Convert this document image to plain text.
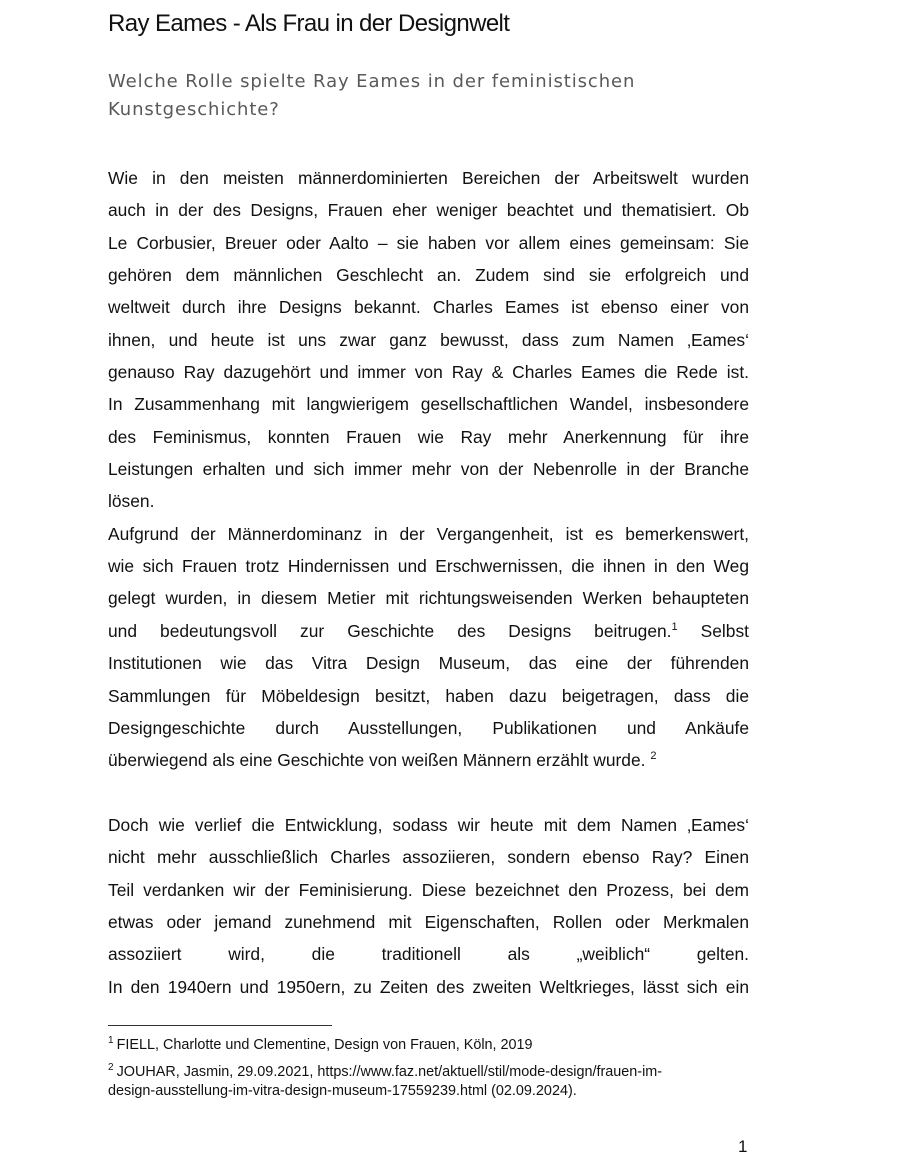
Ray Eames - Als Frau in der Designwelt
Welche Rolle spielte Ray Eames in der feministischen
Kunstgeschichte?
Wie in den meisten männerdominierten Bereichen der Arbeitswelt wurden
auch in der des Designs, Frauen eher weniger beachtet und thematisiert. Ob
Le Corbusier, Breuer oder Aalto – sie haben vor allem eines gemeinsam: Sie
gehören dem männlichen Geschlecht an. Zudem sind sie erfolgreich und
weltweit durch ihre Designs bekannt. Charles Eames ist ebenso einer von
ihnen, und heute ist uns zwar ganz bewusst, dass zum Namen ‚Eames‘
genauso Ray dazugehört und immer von Ray & Charles Eames die Rede ist.
In Zusammenhang mit langwierigem gesellschaftlichen Wandel, insbesondere
des Feminismus, konnten Frauen wie Ray mehr Anerkennung für ihre
Leistungen erhalten und sich immer mehr von der Nebenrolle in der Branche
lösen.
Aufgrund der Männerdominanz in der Vergangenheit, ist es bemerkenswert,
wie sich Frauen trotz Hindernissen und Erschwernissen, die ihnen in den Weg
gelegt wurden, in diesem Metier mit richtungsweisenden Werken behaupteten
und bedeutungsvoll zur Geschichte des Designs beitrugen.$^1$ Selbst
Institutionen wie das Vitra Design Museum, das eine der führenden
Sammlungen für Möbeldesign besitzt, haben dazu beigetragen, dass die
Designgeschichte durch Ausstellungen, Publikationen und Ankäufe
überwiegend als eine Geschichte von weißen Männern erzählt wurde. $^2$
Doch wie verlief die Entwicklung, sodass wir heute mit dem Namen ‚Eames‘
nicht mehr ausschließlich Charles assoziieren, sondern ebenso Ray? Einen
Teil verdanken wir der Feminisierung. Diese bezeichnet den Prozess, bei dem
etwas oder jemand zunehmend mit Eigenschaften, Rollen oder Merkmalen
assoziiert wird, die traditionell als „weiblich“ gelten.
In den 1940ern und 1950ern, zu Zeiten des zweiten Weltkrieges, lässt sich ein
$^1$ FIELL, Charlotte und Clementine, Design von Frauen, Köln, 2019
$^2$ JOUHAR, Jasmin, 29.09.2021, https://www.faz.net/aktuell/stil/mode-design/frauen-im-
design-ausstellung-im-vitra-design-museum-17559239.html (02.09.2024).
1
